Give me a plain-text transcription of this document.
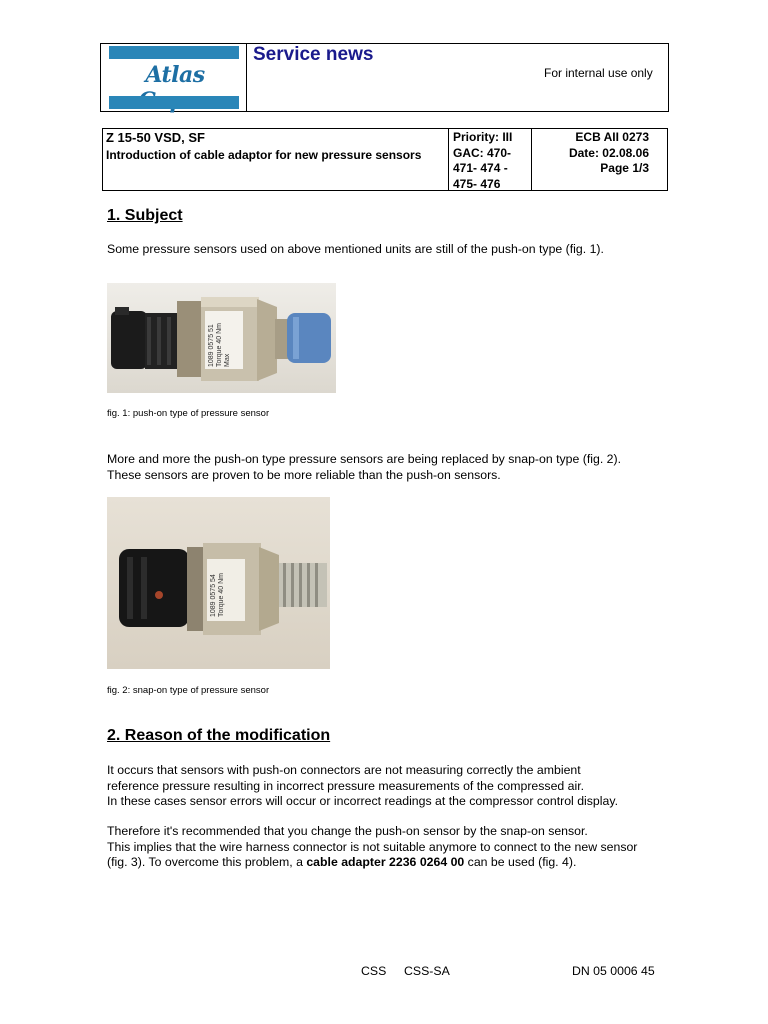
Atlas
Service news
For internal use only
Z 15-50 VSD, SF
Introduction of cable adaptor for new pressure sensors
Priority: III
GAC: 470-
471- 474 -
475- 476
ECB AII 0273
Date: 02.08.06
Page 1/3
1. Subject
Some pressure sensors used on above mentioned units are still of the push-on type (fig. 1).
1089 0575 51 Torque 40 Nm Max
fig. 1: push-on type of pressure sensor
More and more the push-on type pressure sensors are being replaced by snap-on type (fig. 2).
These sensors are proven to be more reliable than the push-on sensors.
1089 0575 54 Torque 40 Nm
fig. 2: snap-on type of pressure sensor
2. Reason of the modification
It occurs that sensors with push-on connectors are not measuring correctly the ambient
reference pressure resulting in incorrect pressure measurements of the compressed air.
In these cases sensor errors will occur or incorrect readings at the compressor control display.
Therefore it's recommended that you change the push-on sensor by the snap-on sensor.
This implies that the wire harness connector is not suitable anymore to connect to the new sensor
(fig. 3). To overcome this problem, a cable adapter 2236 0264 00 can be used (fig. 4).
CSS CSS-SA	DN 05 0006 45
